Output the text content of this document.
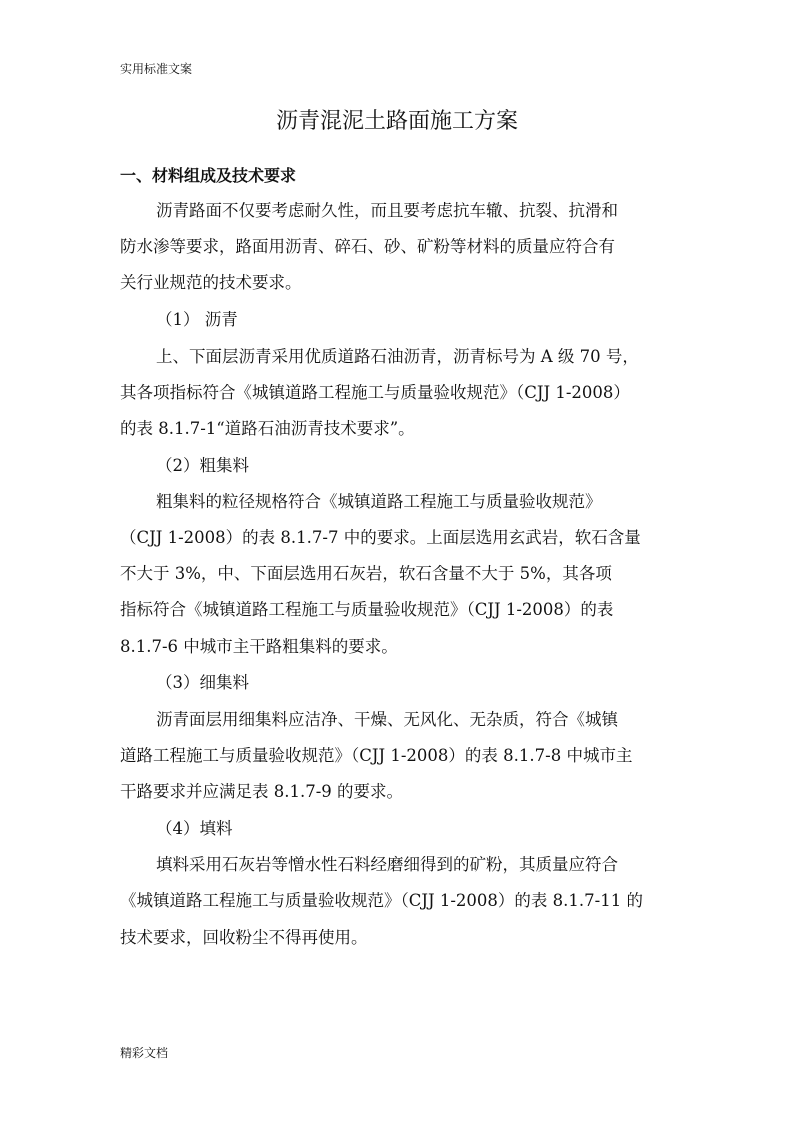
实用标准文案
沥青混泥土路面施工方案
一、材料组成及技术要求
沥青路面不仅要考虑耐久性，而且要考虑抗车辙、抗裂、抗滑和
防水渗等要求，路面用沥青、碎石、砂、矿粉等材料的质量应符合有
关行业规范的技术要求。
（1） 沥青
上、下面层沥青采用优质道路石油沥青，沥青标号为 A 级 70 号，
其各项指标符合《城镇道路工程施工与质量验收规范》（CJJ 1-2008）
的表 8.1.7-1“道路石油沥青技术要求”。
（2）粗集料
粗集料的粒径规格符合《城镇道路工程施工与质量验收规范》
（CJJ 1-2008）的表 8.1.7-7 中的要求。上面层选用玄武岩，软石含量
不大于 3%，中、下面层选用石灰岩，软石含量不大于 5%，其各项
指标符合《城镇道路工程施工与质量验收规范》（CJJ 1-2008）的表
8.1.7-6 中城市主干路粗集料的要求。
（3）细集料
沥青面层用细集料应洁净、干燥、无风化、无杂质，符合《城镇
道路工程施工与质量验收规范》（CJJ 1-2008）的表 8.1.7-8 中城市主
干路要求并应满足表 8.1.7-9 的要求。
（4）填料
填料采用石灰岩等憎水性石料经磨细得到的矿粉，其质量应符合
《城镇道路工程施工与质量验收规范》（CJJ 1-2008）的表 8.1.7-11 的
技术要求，回收粉尘不得再使用。
精彩文档
